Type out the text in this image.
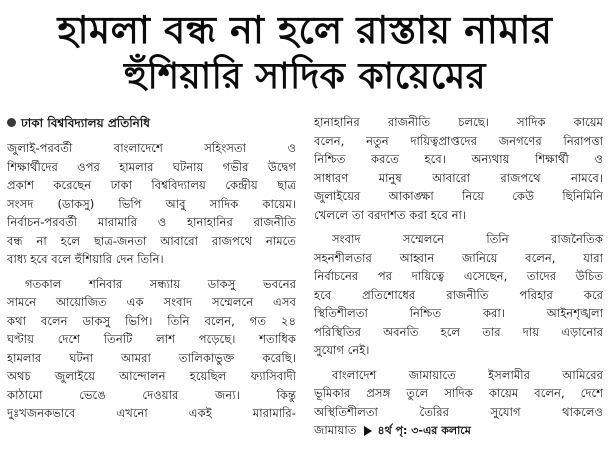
হামলা বন্ধ না হলে রাস্তায় নামার
হুঁশিয়ারি সাদিক কায়েমের
ঢাকা বিশ্ববিদ্যালয় প্রতিনিধি
জুলাই-পরবর্তী বাংলাদেশে সহিংসতা ও
শিক্ষার্থীদের ওপর হামলার ঘটনায় গভীর উদ্বেগ
প্রকাশ করেছেন ঢাকা বিশ্ববিদ্যালয় কেন্দ্রীয় ছাত্র
সংসদ (ডাকসু) ভিপি আবু সাদিক কায়েম।
নির্বাচন-পরবর্তী মারামারি ও হানাহানির রাজনীতি
বন্ধ না হলে ছাত্র-জনতা আবারো রাজপথে নামতে
বাধ্য হবে বলে হুঁশিয়ারি দেন তিনি।
গতকাল শনিবার সন্ধ্যায় ডাকসু ভবনের
সামনে আয়োজিত এক সংবাদ সম্মেলনে এসব
কথা বলেন ডাকসু ভিপি। তিনি বলেন, গত ২৪
ঘণ্টায় দেশে তিনটি লাশ পড়েছে। শতাধিক
হামলার ঘটনা আমরা তালিকাভুক্ত করেছি।
অথচ জুলাইয়ে আন্দোলন হয়েছিল ফ্যাসিবাদী
কাঠামো ভেঙে দেওয়ার জন্য। কিন্তু
দুঃখজনকভাবে এখনো একই মারামারি-
হানাহানির রাজনীতি চলছে। সাদিক কায়েম
বলেন, নতুন দায়িত্বপ্রাপ্তদের জনগণের নিরাপত্তা
নিশ্চিত করতে হবে। অন্যথায় শিক্ষার্থী ও
সাধারণ মানুষ আবারো রাজপথে নামবে।
জুলাইয়ের আকাঙ্ক্ষা নিয়ে কেউ ছিনিমিনি
খেললে তা বরদাশত করা হবে না।
সংবাদ সম্মেলনে তিনি রাজনৈতিক
সহনশীলতার আহ্বান জানিয়ে বলেন, যারা
নির্বাচনের পর দায়িত্বে এসেছেন, তাদের উচিত
হবে প্রতিশোধের রাজনীতি পরিহার করে
স্থিতিশীলতা নিশ্চিত করা। আইনশৃঙ্খলা
পরিস্থিতির অবনতি হলে তার দায় এড়ানোর
সুযোগ নেই।
বাংলাদেশ জামায়াতে ইসলামীর আমিরের
ভূমিকার প্রসঙ্গ তুলে সাদিক কায়েম বলেন, দেশে
অস্থিতিশীলতা তৈরির সুযোগ থাকলেও
জামায়াত ৪র্থ পৃ: ৩-এর কলামে
